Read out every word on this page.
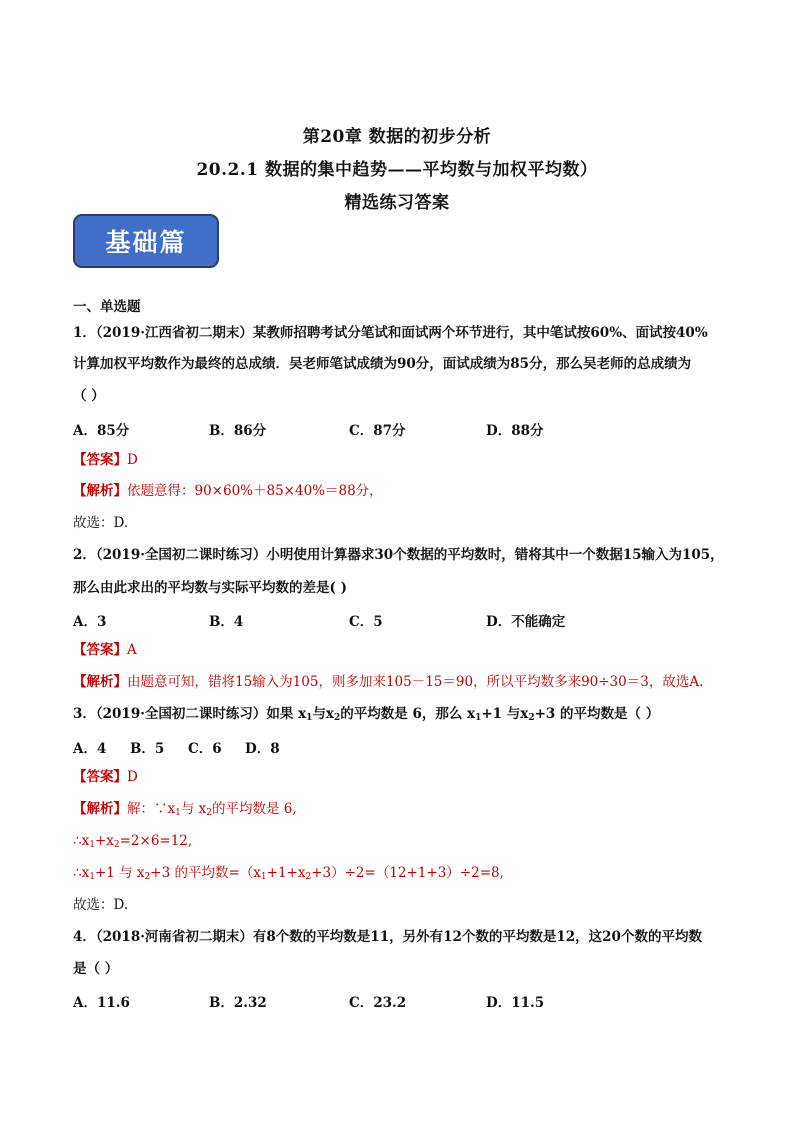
第20章 数据的初步分析
20.2.1 数据的集中趋势——平均数与加权平均数）
精选练习答案
基础篇
一、单选题
1．（2019·江西省初二期末）某教师招聘考试分笔试和面试两个环节进行，其中笔试按60%、面试按40%
计算加权平均数作为最终的总成绩．吴老师笔试成绩为90分，面试成绩为85分，那么吴老师的总成绩为
（ ）
A．85分	B．86分	C．87分	D．88分
【答案】D
【解析】依题意得：90×60%＋85×40%＝88分，
故选：D.
2．（2019·全国初二课时练习）小明使用计算器求30个数据的平均数时，错将其中一个数据15输入为105，
那么由此求出的平均数与实际平均数的差是( )
A．3	B．4	C．5	D．不能确定
【答案】A
【解析】由题意可知，错将15输入为105，则多加来105－15＝90，所以平均数多来90÷30＝3，故选A.
3．（2019·全国初二课时练习）如果 $x_1$与$x_2$的平均数是 6，那么 $x_1+1$ 与$x_2+3$ 的平均数是（ ）
A．4 B．5 C．6 D．8
【答案】D
【解析】解：$\because x_1$与 $x_2$的平均数是 6,
$\therefore x_1+x_2=2\times 6=12$,
$\therefore x_1+1$ 与 $x_2+3$ 的平均数$=(x_1+1+x_2+3)\div 2=(12+1+3)\div 2=8$,
故选：D.
4．（2018·河南省初二期末）有8个数的平均数是11，另外有12个数的平均数是12，这20个数的平均数
是（ ）
A．11.6	B．2.32	C．23.2	D．11.5
